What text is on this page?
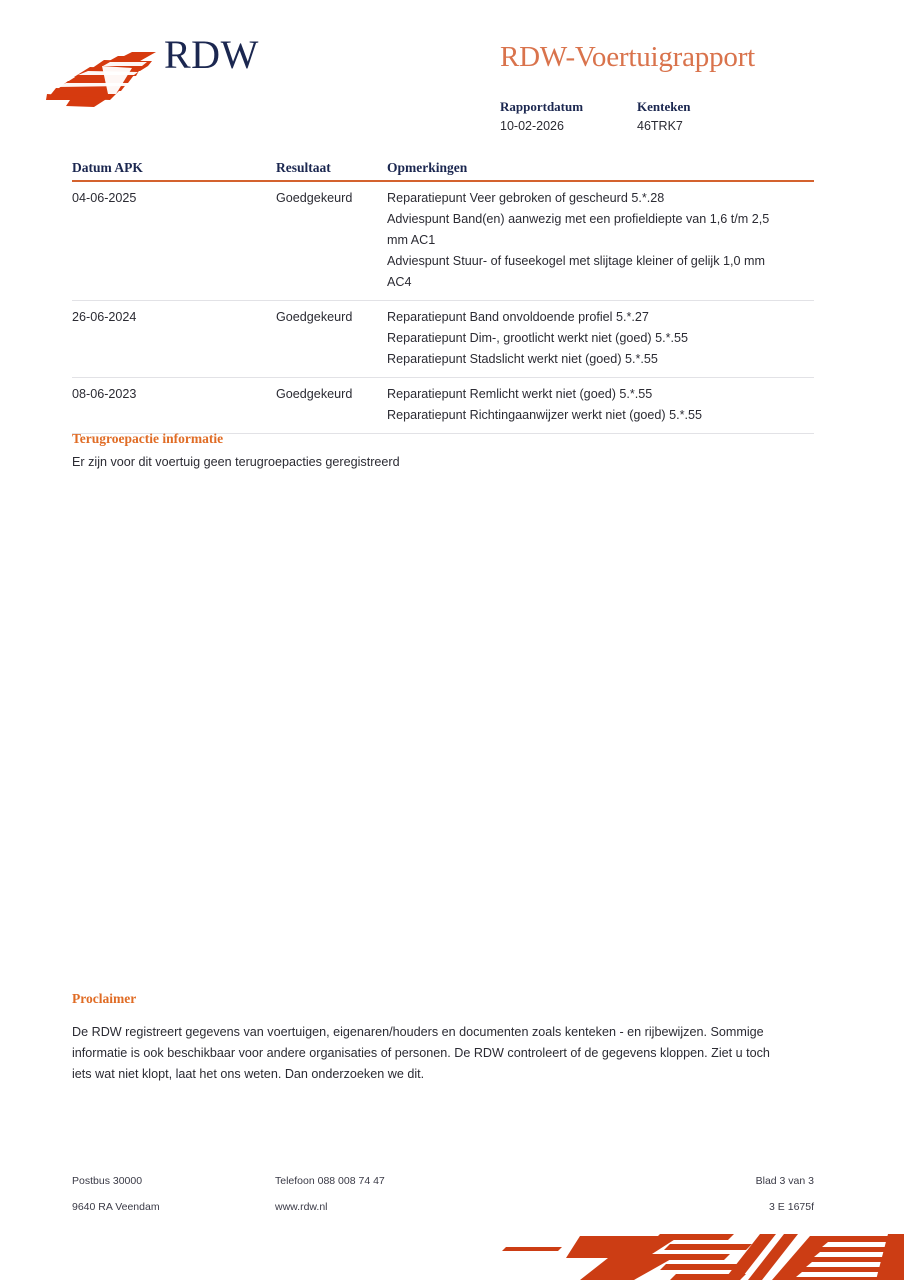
RDW	RDW-Voertuigrapport
Rapportdatum
10-02-2026
Kenteken
46TRK7
Datum APK	Resultaat	Opmerkingen
04-06-2025	Goedgekeurd	Reparatiepunt Veer gebroken of gescheurd 5.*.28
Adviespunt Band(en) aanwezig met een profieldiepte van 1,6 t/m 2,5 mm AC1
Adviespunt Stuur- of fuseekogel met slijtage kleiner of gelijk 1,0 mm AC4
26-06-2024	Goedgekeurd	Reparatiepunt Band onvoldoende profiel 5.*.27
Reparatiepunt Dim-, grootlicht werkt niet (goed) 5.*.55
Reparatiepunt Stadslicht werkt niet (goed) 5.*.55
08-06-2023	Goedgekeurd	Reparatiepunt Remlicht werkt niet (goed) 5.*.55
Reparatiepunt Richtingaanwijzer werkt niet (goed) 5.*.55
Terugroepactie informatie
Er zijn voor dit voertuig geen terugroepacties geregistreerd
Proclaimer

De RDW registreert gegevens van voertuigen, eigenaren/houders en documenten zoals kenteken - en rijbewijzen. Sommige informatie is ook beschikbaar voor andere organisaties of personen. De RDW controleert of de gegevens kloppen. Ziet u toch iets wat niet klopt, laat het ons weten. Dan onderzoeken we dit.

Postbus 30000
9640 RA Veendam
Telefoon 088 008 74 47
www.rdw.nl
Blad 3 van 3
3 E 1675f
